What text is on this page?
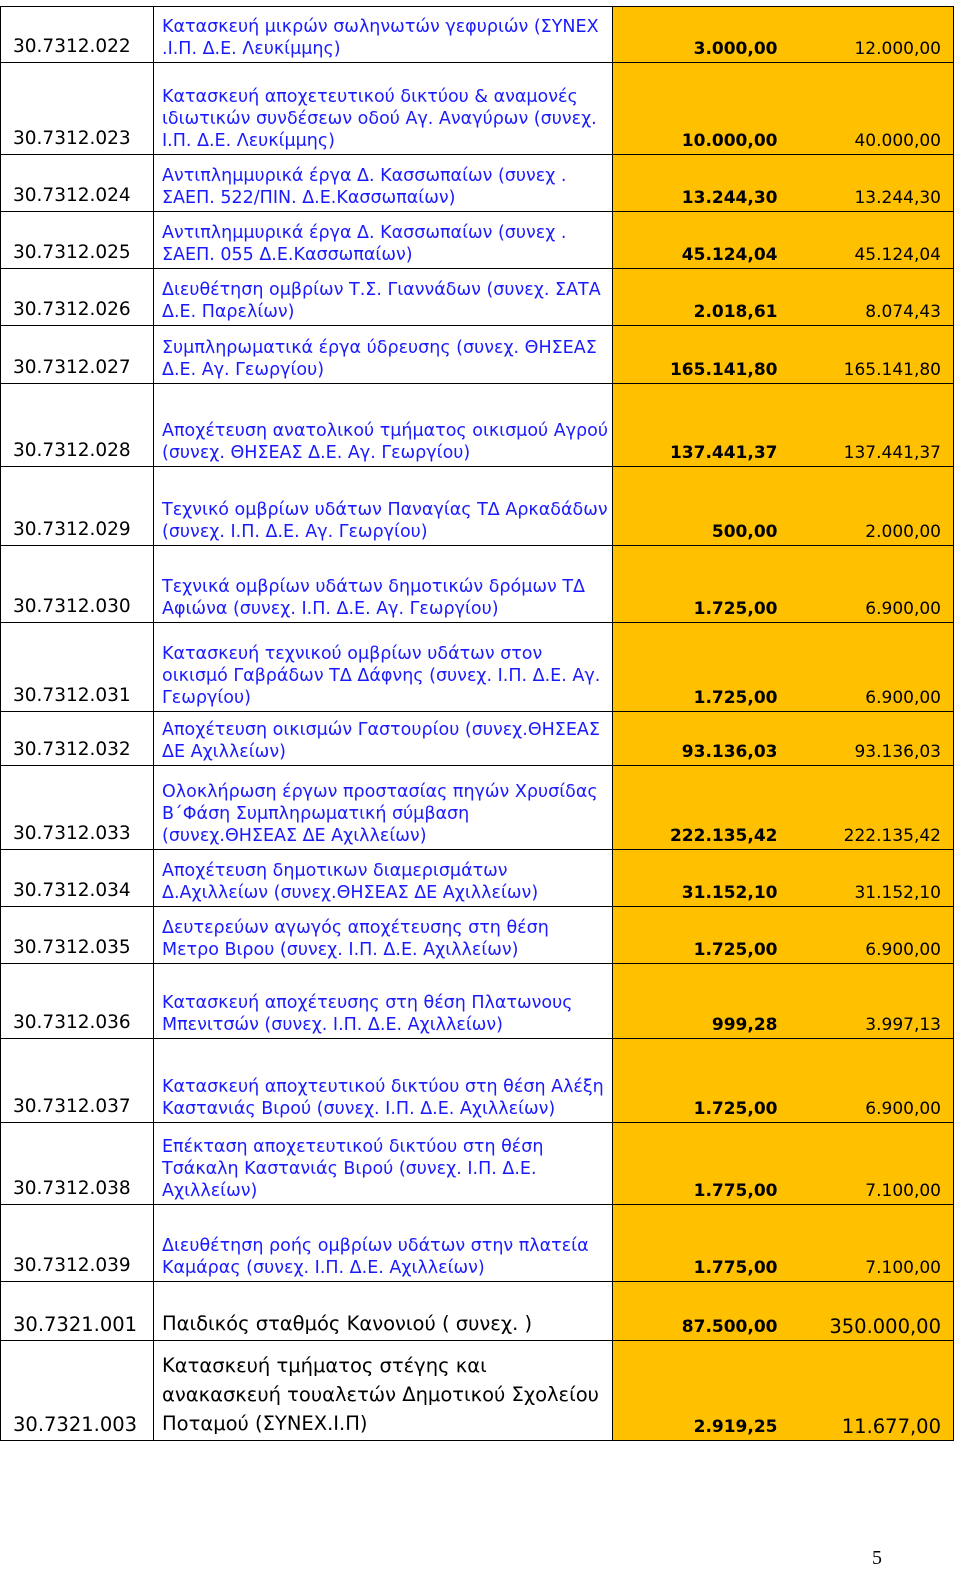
30.7312.022	Κατασκευή μικρών σωληνωτών γεφυριών (ΣΥΝΕΧ .Ι.Π. Δ.Ε. Λευκίμμης)	3.000,00	12.000,00
30.7312.023	Κατασκευή αποχετευτικού δικτύου & αναμονές ιδιωτικών συνδέσεων οδού Αγ. Αναγύρων (συνεχ. Ι.Π. Δ.Ε. Λευκίμμης)	10.000,00	40.000,00
30.7312.024	Αντιπλημμυρικά έργα Δ. Κασσωπαίων (συνεχ . ΣΑΕΠ. 522/ΠΙΝ. Δ.Ε.Κασσωπαίων)	13.244,30	13.244,30
30.7312.025	Αντιπλημμυρικά έργα Δ. Κασσωπαίων (συνεχ . ΣΑΕΠ. 055 Δ.Ε.Κασσωπαίων)	45.124,04	45.124,04
30.7312.026	Διευθέτηση ομβρίων Τ.Σ. Γιαννάδων (συνεχ. ΣΑΤΑ Δ.Ε. Παρελίων)	2.018,61	8.074,43
30.7312.027	Συμπληρωματικά έργα ύδρευσης (συνεχ. ΘΗΣΕΑΣ Δ.Ε. Αγ. Γεωργίου)	165.141,80	165.141,80
30.7312.028	Αποχέτευση ανατολικού τμήματος οικισμού Αγρού (συνεχ. ΘΗΣΕΑΣ Δ.Ε. Αγ. Γεωργίου)	137.441,37	137.441,37
30.7312.029	Τεχνικό ομβρίων υδάτων Παναγίας ΤΔ Αρκαδάδων (συνεχ. Ι.Π. Δ.Ε. Αγ. Γεωργίου)	500,00	2.000,00
30.7312.030	Τεχνικά ομβρίων υδάτων δημοτικών δρόμων ΤΔ Αφιώνα (συνεχ. Ι.Π. Δ.Ε. Αγ. Γεωργίου)	1.725,00	6.900,00
30.7312.031	Κατασκευή τεχνικού ομβρίων υδάτων στον οικισμό Γαβράδων ΤΔ Δάφνης (συνεχ. Ι.Π. Δ.Ε. Αγ. Γεωργίου)	1.725,00	6.900,00
30.7312.032	Αποχέτευση οικισμών Γαστουρίου (συνεχ.ΘΗΣΕΑΣ ΔΕ Αχιλλείων)	93.136,03	93.136,03
30.7312.033	Ολοκλήρωση έργων προστασίας πηγών Χρυσίδας Β΄Φάση Συμπληρωματική σύμβαση (συνεχ.ΘΗΣΕΑΣ ΔΕ Αχιλλείων)	222.135,42	222.135,42
30.7312.034	Αποχέτευση δημοτικων διαμερισμάτων Δ.Αχιλλείων (συνεχ.ΘΗΣΕΑΣ ΔΕ Αχιλλείων)	31.152,10	31.152,10
30.7312.035	Δευτερεύων αγωγός αποχέτευσης στη θέση Μετρο Βιρου (συνεχ. Ι.Π. Δ.Ε. Αχιλλείων)	1.725,00	6.900,00
30.7312.036	Κατασκευή αποχέτευσης στη θέση Πλατωνους Μπενιτσών (συνεχ. Ι.Π. Δ.Ε. Αχιλλείων)	999,28	3.997,13
30.7312.037	Κατασκευή αποχτευτικού δικτύου στη θέση Αλέξη Καστανιάς Βιρού (συνεχ. Ι.Π. Δ.Ε. Αχιλλείων)	1.725,00	6.900,00
30.7312.038	Επέκταση αποχετευτικού δικτύου στη θέση Τσάκαλη Καστανιάς Βιρού (συνεχ. Ι.Π. Δ.Ε. Αχιλλείων)	1.775,00	7.100,00
30.7312.039	Διευθέτηση ροής ομβρίων υδάτων στην πλατεία Καμάρας (συνεχ. Ι.Π. Δ.Ε. Αχιλλείων)	1.775,00	7.100,00
30.7321.001	Παιδικός σταθμός Κανονιού ( συνεχ. )	87.500,00	350.000,00
30.7321.003	Κατασκευή τμήματος στέγης και ανακασκευή τουαλετών Δημοτικού Σχολείου Ποταμού (ΣΥΝΕΧ.Ι.Π)	2.919,25	11.677,00
5
